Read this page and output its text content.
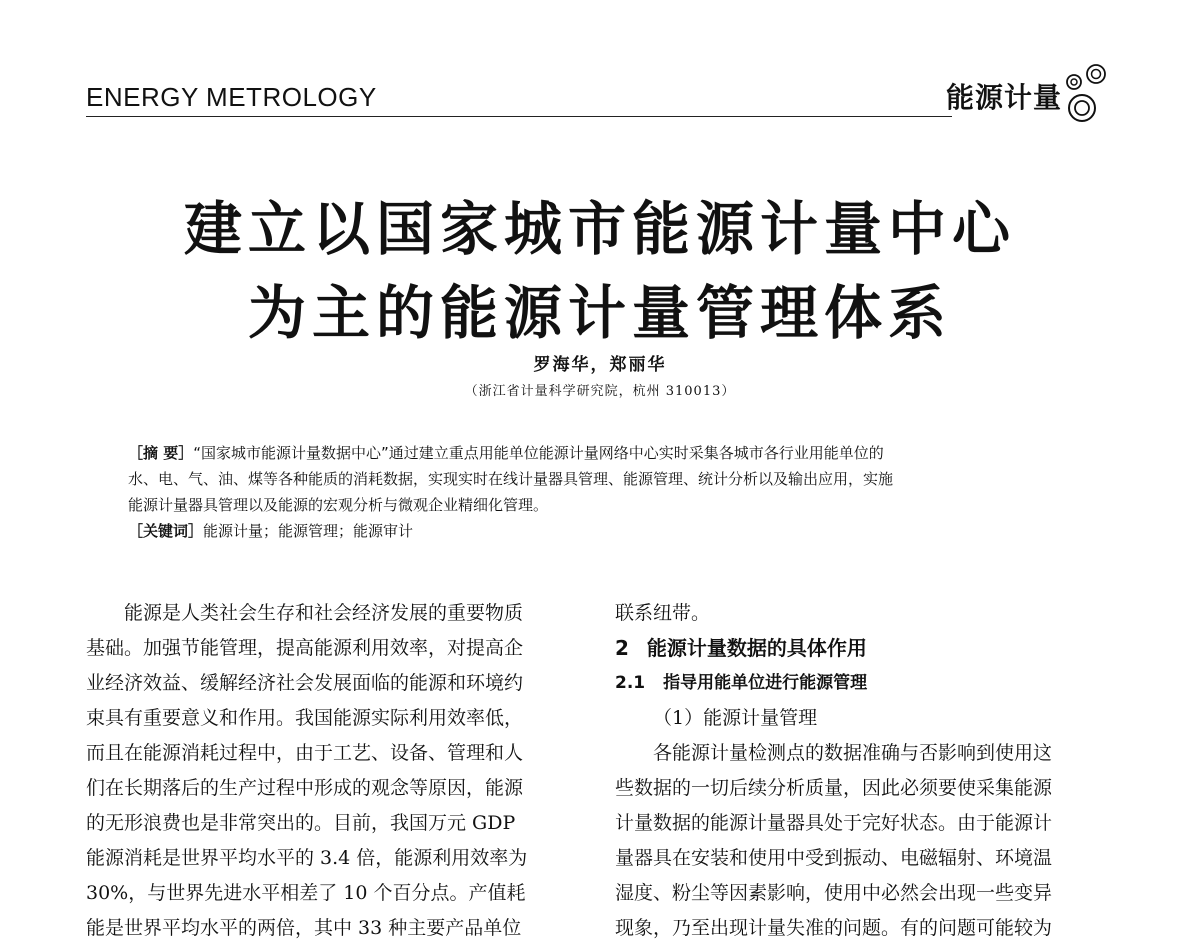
ENERGY METROLOGY	能源计量
建立以国家城市能源计量中心
为主的能源计量管理体系
罗海华，郑丽华
（浙江省计量科学研究院，杭州 310013）

［摘 要］“国家城市能源计量数据中心”通过建立重点用能单位能源计量网络中心实时采集各城市各行业用能单位的

水、电、气、油、煤等各种能质的消耗数据，实现实时在线计量器具管理、能源管理、统计分析以及输出应用，实施

能源计量器具管理以及能源的宏观分析与微观企业精细化管理。

［关键词］能源计量；能源管理；能源审计

能源是人类社会生存和社会经济发展的重要物质
基础。加强节能管理，提高能源利用效率，对提高企
业经济效益、缓解经济社会发展面临的能源和环境约
束具有重要意义和作用。我国能源实际利用效率低，
而且在能源消耗过程中，由于工艺、设备、管理和人
们在长期落后的生产过程中形成的观念等原因，能源
的无形浪费也是非常突出的。目前，我国万元 GDP
能源消耗是世界平均水平的 3.4 倍，能源利用效率为
30%，与世界先进水平相差了 10 个百分点。产值耗
能是世界平均水平的两倍，其中 33 种主要产品单位
联系纽带。
2 能源计量数据的具体作用
2.1 指导用能单位进行能源管理
（1）能源计量管理
各能源计量检测点的数据准确与否影响到使用这
些数据的一切后续分析质量，因此必须要使采集能源
计量数据的能源计量器具处于完好状态。由于能源计
量器具在安装和使用中受到振动、电磁辐射、环境温
湿度、粉尘等因素影响，使用中必然会出现一些变异
现象，乃至出现计量失准的问题。有的问题可能较为
